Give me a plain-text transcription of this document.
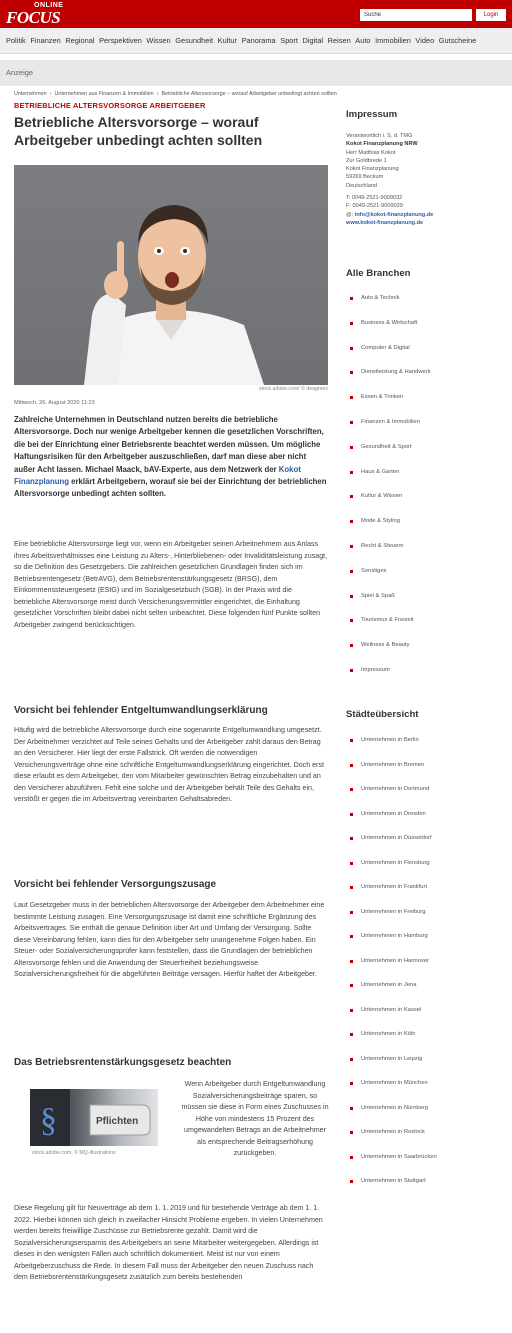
ONLINE
FOCUS
Suche	Login
Politik Finanzen Regional Perspektiven Wissen Gesundheit Kultur Panorama Sport Digital Reisen Auto Immobilien Video Gutscheine
Anzeige
Unternehmen › Unternehmen aus Finanzen & Immobilien › Betriebliche Altersvorsorge – worauf Arbeitgeber unbedingt achten sollten
BETRIEBLICHE ALTERSVORSORGE ARBEITGEBER
Betriebliche Altersvorsorge – worauf Arbeitgeber unbedingt achten sollten
stock.adobe.com/ © deagreez
Mittwoch, 26. August 2020 11:23

Zahlreiche Unternehmen in Deutschland nutzen bereits die betriebliche Altersvorsorge. Doch nur wenige Arbeitgeber kennen die gesetzlichen Vorschriften, die bei der Einrichtung einer Betriebsrente beachtet werden müssen. Um mögliche Haftungsrisiken für den Arbeitgeber auszuschließen, darf man diese aber nicht außer Acht lassen. Michael Maack, bAV-Experte, aus dem Netzwerk der Kokot Finanzplanung erklärt Arbeitgebern, worauf sie bei der Einrichtung der betrieblichen Altersvorsorge unbedingt achten sollten.

Eine betriebliche Altersvorsorge liegt vor, wenn ein Arbeitgeber seinen Arbeitnehmern aus Anlass ihres Arbeitsverhältnisses eine Leistung zu Alters-, Hinterbliebenen- oder Invaliditätsleistung zusagt, so die Definition des Gesetzgebers. Die zahlreichen gesetzlichen Grundlagen finden sich im Betriebsrentengesetz (BetrAVG), dem Betriebsrentenstärkungsgesetz (BRSG), dem Einkommenssteuergesetz (EStG) und im Sozialgesetzbuch (SGB). In der Praxis wird die betriebliche Altersvorsorge meist durch Versicherungsvermittler eingerichtet, die Einhaltung gesetzlicher Vorschriften bleibt dabei nicht selten unbeachtet. Diese folgenden fünf Punkte sollten Arbeitgeber zwingend berücksichtigen.

Vorsicht bei fehlender Entgeltumwandlungserklärung

Häufig wird die betriebliche Altersvorsorge durch eine sogenannte Entgeltumwandlung umgesetzt. Der Arbeitnehmer verzichtet auf Teile seines Gehalts und der Arbeitgeber zahlt daraus den Betrag an den Versicherer. Hier liegt der erste Fallstrick. Oft werden die notwendigen Versicherungsverträge ohne eine schriftliche Entgeltumwandlungserklärung eingerichtet. Doch erst diese erlaubt es dem Arbeitgeber, den vom Mitarbeiter gewünschten Betrag einzubehalten und an den Versicherer abzuführen. Fehlt eine solche und der Arbeitgeber behält Teile des Gehalts ein, verstößt er gegen die im Arbeitsvertrag vereinbarten Gehaltsabreden.

Vorsicht bei fehlender Versorgungszusage

Laut Gesetzgeber muss in der betrieblichen Altersvorsorge der Arbeitgeber dem Arbeitnehmer eine bestimmte Leistung zusagen. Eine Versorgungszusage ist damit eine schriftliche Ergänzung des Arbeitsvertrages. Sie enthält die genaue Definition über Art und Umfang der Versorgung. Sollte diese Vereinbarung fehlen, kann dies für den Arbeitgeber sehr unangenehme Folgen haben. Ein Steuer- oder Sozialversicherungsprüfer kann feststellen, dass die Grundlagen der betrieblichen Altersvorsorge fehlen und die Anwendung der Steuerfreiheit beziehungsweise Sozialversicherungsfreiheit für die abgeführten Beiträge versagen. Hierfür haftet der Arbeitgeber.

Das Betriebsrentenstärkungsgesetz beachten
§	Pflichten
stock.adobe.com, © MQ-Illustrations

Wenn Arbeitgeber durch Entgeltumwandlung Sozialversicherungsbeiträge sparen, so müssen sie diese in Form eines Zuschusses in Höhe von mindestens 15 Prozent des umgewandelten Betrags an die Arbeitnehmer als entsprechende Beitragserhöhung zurückgeben.

Diese Regelung gilt für Neuverträge ab dem 1. 1. 2019 und für bestehende Verträge ab dem 1. 1. 2022. Hierbei können sich gleich in zweifacher Hinsicht Probleme ergeben. In vielen Unternehmen werden bereits freiwillige Zuschüsse zur Betriebsrente gezahlt. Damit wird die Sozialversicherungsersparnis des Arbeitgebers an seine Mitarbeiter weitergegeben. Allerdings ist dieses in den wenigsten Fällen auch schriftlich dokumentiert. Meist ist nur von einem Arbeitgeberzuschuss die Rede. In diesem Fall muss der Arbeitgeber den neuen Zuschuss nach dem Betriebsrentenstärkungsgesetz zusätzlich zum bereits bestehenden

Impressum
Verantwortlich i. S. d. TMG
Kokot Finanzplanung NRW
Herr Matthias Kokot
Zur Goldbrede 1
Kokot Finanzplanung
59269 Beckum
Deutschland
T: 0049-2521-9009032
F: 0049-2521-9009029
@: info@kokot-finanzplanung.de
www.kokot-finanzplanung.de
Alle Branchen
Auto & Technik
Business & Wirtschaft
Computer & Digital
Dienstleistung & Handwerk
Essen & Trinken
Finanzen & Immobilien
Gesundheit & Sport
Haus & Garten
Kultur & Wissen
Mode & Styling
Recht & Steuern
Sonstiges
Spiel & Spaß
Tourismus & Freizeit
Wellness & Beauty
Impressum
Städteübersicht
Unternehmen in Berlin
Unternehmen in Bremen
Unternehmen in Dortmund
Unternehmen in Dresden
Unternehmen in Düsseldorf
Unternehmen in Flensburg
Unternehmen in Frankfurt
Unternehmen in Freiburg
Unternehmen in Hamburg
Unternehmen in Hannover
Unternehmen in Jena
Unternehmen in Kassel
Unternehmen in Köln
Unternehmen in Leipzig
Unternehmen in München
Unternehmen in Nürnberg
Unternehmen in Rostock
Unternehmen in Saarbrücken
Unternehmen in Stuttgart
